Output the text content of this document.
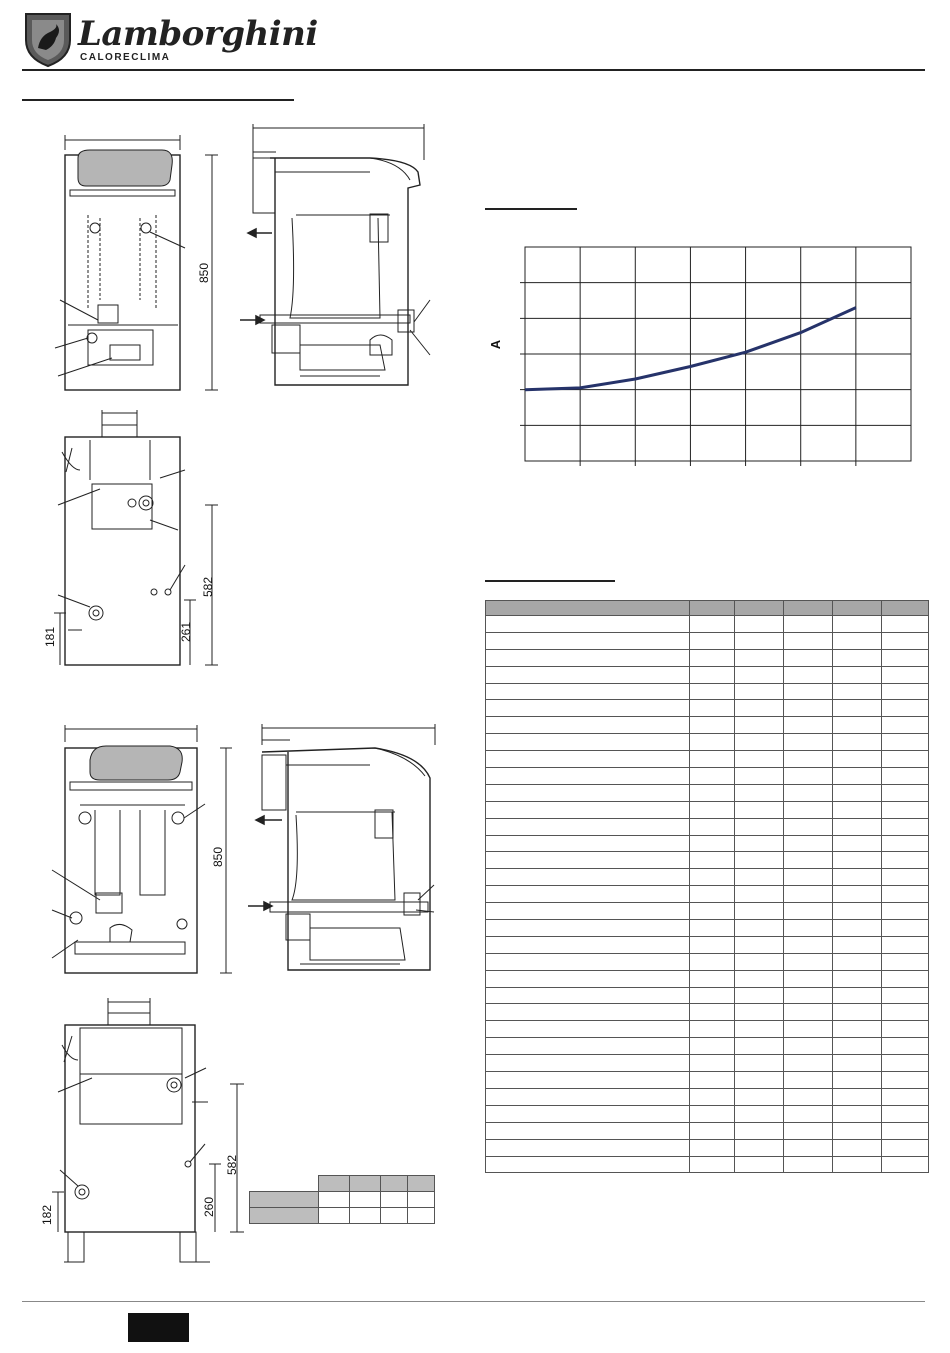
Lamborghini
CALORECLIMA
850
582
261
181
850
582
260
182

A
